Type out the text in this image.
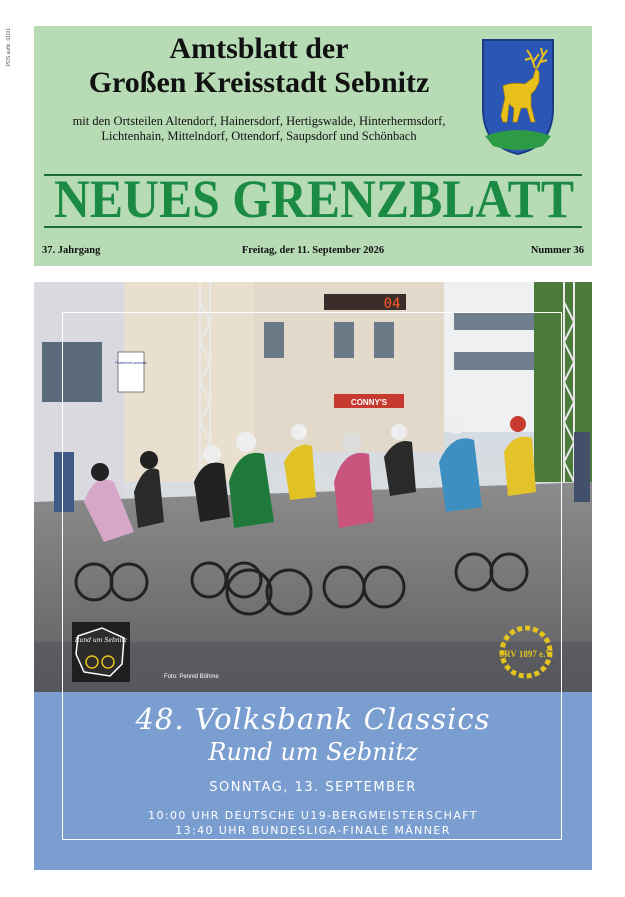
PDS aufbr. 01/01	Amtsblatt der
Großen Kreisstadt Sebnitz
mit den Ortsteilen Altendorf, Hainersdorf, Hertigswalde, Hinterhermsdorf,
Lichtenhain, Mittelndorf, Ottendorf, Saupsdorf und Schönbach
NEUES GRENZBLATT
37. Jahrgang	Freitag, der 11. September 2026	Nummer 36
04
CONNY'S
Parkschein-automat
Foto: Pennid Böhme
Rund um Sebnitz
SRV 1897 e.V.
48. Volksbank Classics
Rund um Sebnitz
SONNTAG, 13. SEPTEMBER
10:00 UHR DEUTSCHE U19-BERGMEISTERSCHAFT
13:40 UHR BUNDESLIGA-FINALE MÄNNER
